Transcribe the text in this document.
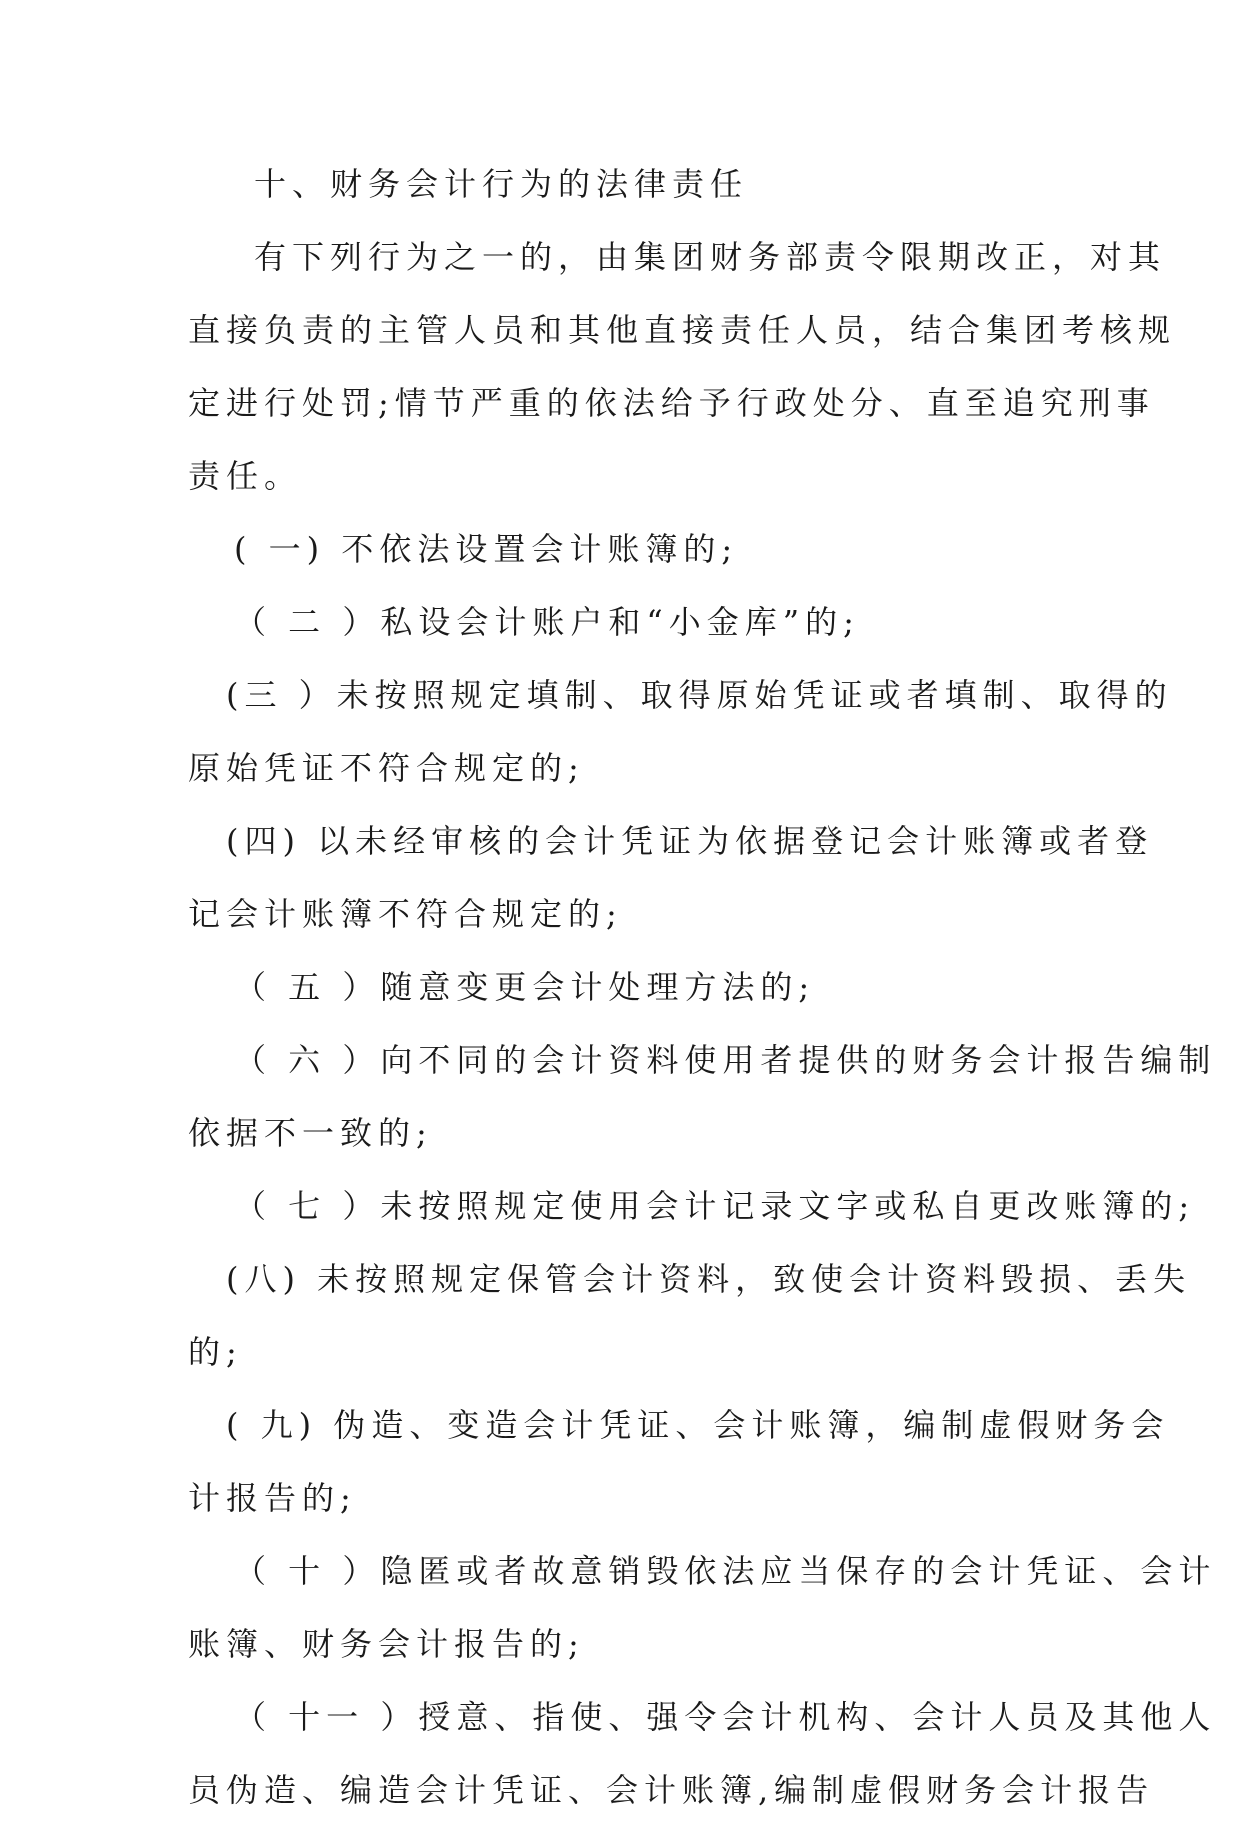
十、财务会计行为的法律责任
有下列行为之一的，由集团财务部责令限期改正，对其
直接负责的主管人员和其他直接责任人员，结合集团考核规
定进行处罚;情节严重的依法给予行政处分、直至追究刑事
责任。
( 一) 不依法设置会计账簿的;
（ 二 ）私设会计账户和“小金库”的;
(三 ）未按照规定填制、取得原始凭证或者填制、取得的
原始凭证不符合规定的;
(四) 以未经审核的会计凭证为依据登记会计账簿或者登
记会计账簿不符合规定的;
（ 五 ）随意变更会计处理方法的;
（ 六 ）向不同的会计资料使用者提供的财务会计报告编制
依据不一致的;
（ 七 ）未按照规定使用会计记录文字或私自更改账簿的;
(八) 未按照规定保管会计资料，致使会计资料毁损、丢失
的;
( 九) 伪造、变造会计凭证、会计账簿，编制虚假财务会
计报告的;
（ 十 ）隐匿或者故意销毁依法应当保存的会计凭证、会计
账簿、财务会计报告的;
（ 十一 ）授意、指使、强令会计机构、会计人员及其他人
员伪造、编造会计凭证、会计账簿,编制虚假财务会计报告
